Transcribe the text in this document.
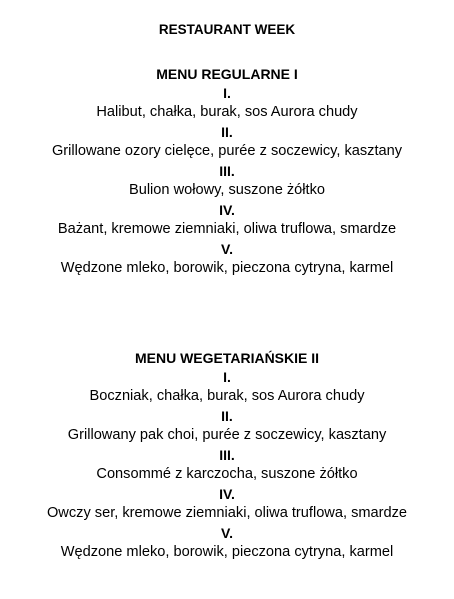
RESTAURANT WEEK

MENU REGULARNE I

I.

Halibut, chałka, burak, sos Aurora chudy

II.

Grillowane ozory cielęce, purée z soczewicy, kasztany

III.

Bulion wołowy, suszone żółtko

IV.

Bażant, kremowe ziemniaki, oliwa truflowa, smardze

V.

Wędzone mleko, borowik, pieczona cytryna, karmel

MENU WEGETARIAŃSKIE II

I.

Boczniak, chałka, burak, sos Aurora chudy

II.

Grillowany pak choi, purée z soczewicy, kasztany

III.

Consommé z karczocha, suszone żółtko

IV.

Owczy ser, kremowe ziemniaki, oliwa truflowa, smardze

V.

Wędzone mleko, borowik, pieczona cytryna, karmel
